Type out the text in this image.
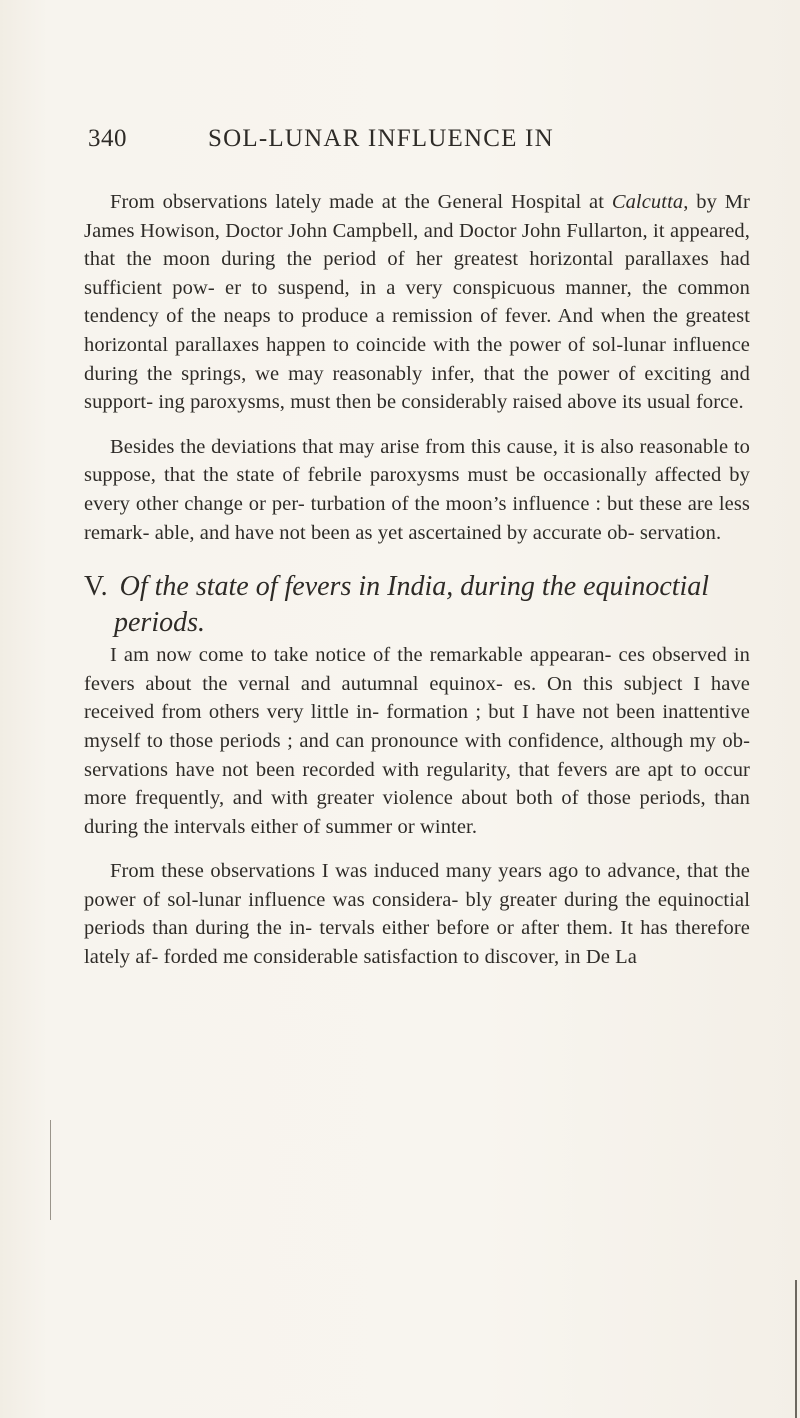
340	SOL-LUNAR INFLUENCE IN

From observations lately made at the General Hospital at Calcutta, by Mr James Howison, Doctor John Campbell, and Doctor John Fullarton, it appeared, that the moon during the period of her greatest horizontal parallaxes had sufficient pow- er to suspend, in a very conspicuous manner, the common tendency of the neaps to produce a remission of fever. And when the greatest horizontal parallaxes happen to coincide with the power of sol-lunar influence during the springs, we may reasonably infer, that the power of exciting and support- ing paroxysms, must then be considerably raised above its usual force.

Besides the deviations that may arise from this cause, it is also reasonable to suppose, that the state of febrile paroxysms must be occasionally affected by every other change or per- turbation of the moon’s influence : but these are less remark- able, and have not been as yet ascertained by accurate ob- servation.

V. Of the state of fevers in India, during the equinoctial periods.

I am now come to take notice of the remarkable appearan- ces observed in fevers about the vernal and autumnal equinox- es. On this subject I have received from others very little in- formation ; but I have not been inattentive myself to those periods ; and can pronounce with confidence, although my ob- servations have not been recorded with regularity, that fevers are apt to occur more frequently, and with greater violence about both of those periods, than during the intervals either of summer or winter.

From these observations I was induced many years ago to advance, that the power of sol-lunar influence was considera- bly greater during the equinoctial periods than during the in- tervals either before or after them. It has therefore lately af- forded me considerable satisfaction to discover, in De La
